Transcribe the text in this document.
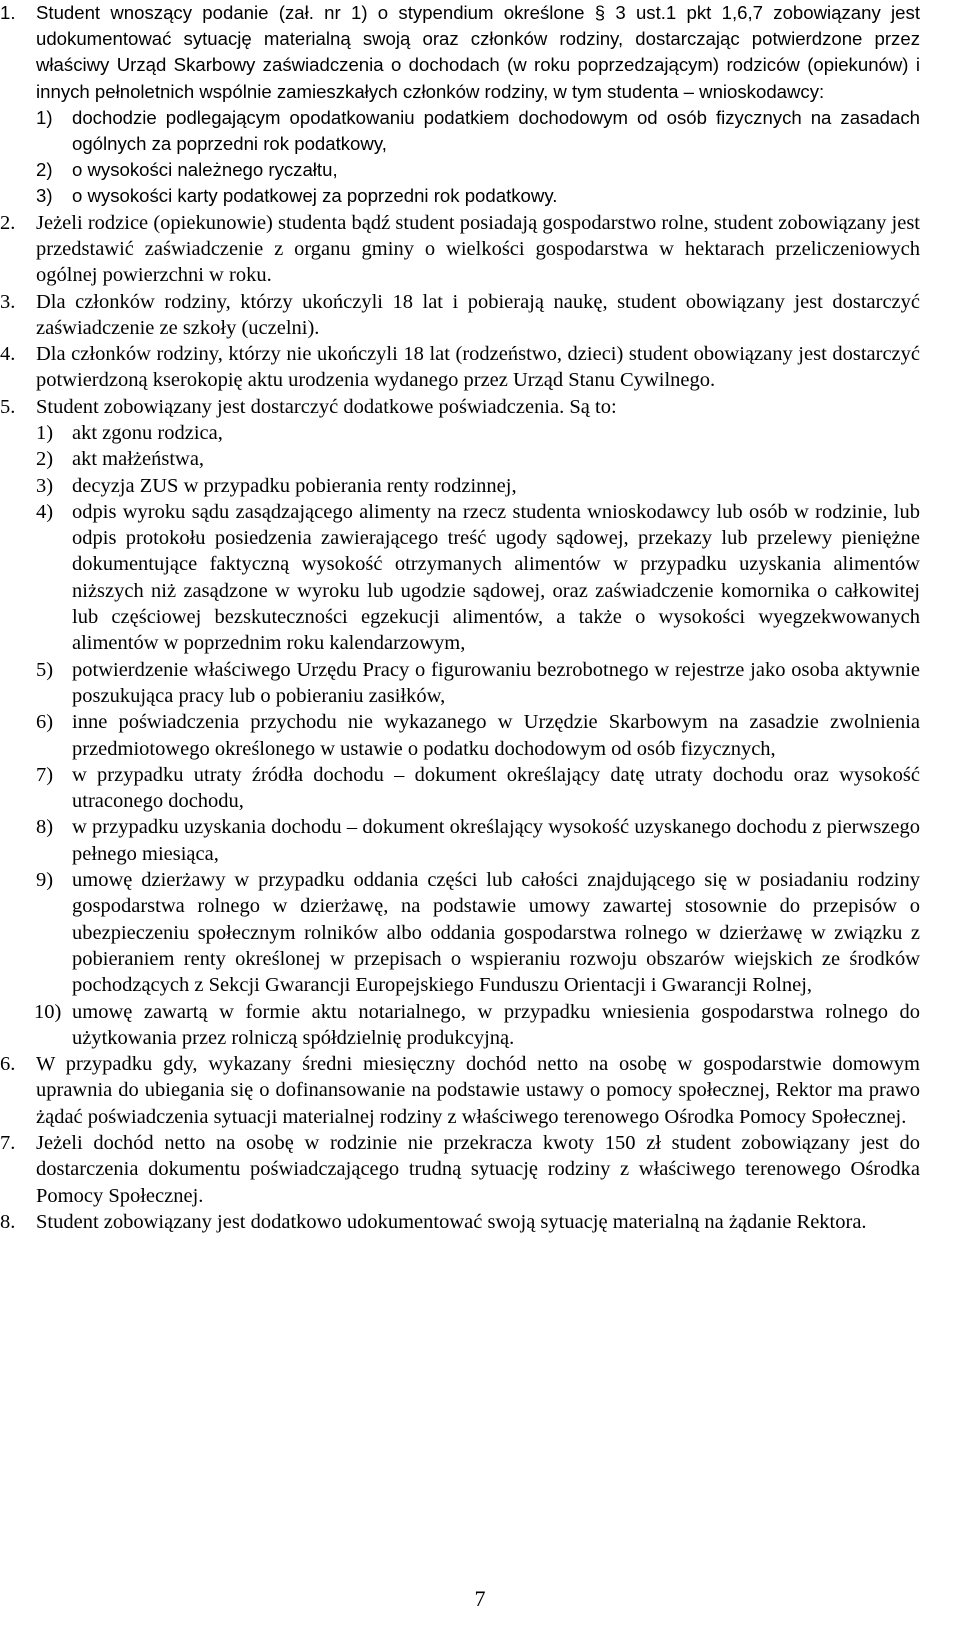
1. Student wnoszący podanie (zał. nr 1) o stypendium określone § 3 ust.1 pkt 1,6,7 zobowiązany jest udokumentować sytuację materialną swoją oraz członków rodziny, dostarczając potwierdzone przez właściwy Urząd Skarbowy zaświadczenia o dochodach (w roku poprzedzającym) rodziców (opiekunów) i innych pełnoletnich wspólnie zamieszkałych członków rodziny, w tym studenta – wnioskodawcy:

1) dochodzie podlegającym opodatkowaniu podatkiem dochodowym od osób fizycznych na zasadach ogólnych za poprzedni rok podatkowy,

2) o wysokości należnego ryczałtu,

3) o wysokości karty podatkowej za poprzedni rok podatkowy.

2. Jeżeli rodzice (opiekunowie) studenta bądź student posiadają gospodarstwo rolne, student zobowiązany jest przedstawić zaświadczenie z organu gminy o wielkości gospodarstwa w hektarach przeliczeniowych ogólnej powierzchni w roku.

3. Dla członków rodziny, którzy ukończyli 18 lat i pobierają naukę, student obowiązany jest dostarczyć zaświadczenie ze szkoły (uczelni).

4. Dla członków rodziny, którzy nie ukończyli 18 lat (rodzeństwo, dzieci) student obowiązany jest dostarczyć potwierdzoną kserokopię aktu urodzenia wydanego przez Urząd Stanu Cywilnego.

5. Student zobowiązany jest dostarczyć dodatkowe poświadczenia. Są to:

1) akt zgonu rodzica,

2) akt małżeństwa,

3) decyzja ZUS w przypadku pobierania renty rodzinnej,

4) odpis wyroku sądu zasądzającego alimenty na rzecz studenta wnioskodawcy lub osób w rodzinie, lub odpis protokołu posiedzenia zawierającego treść ugody sądowej, przekazy lub przelewy pieniężne dokumentujące faktyczną wysokość otrzymanych alimentów w przypadku uzyskania alimentów niższych niż zasądzone w wyroku lub ugodzie sądowej, oraz zaświadczenie komornika o całkowitej lub częściowej bezskuteczności egzekucji alimentów, a także o wysokości wyegzekwowanych alimentów w poprzednim roku kalendarzowym,

5) potwierdzenie właściwego Urzędu Pracy o figurowaniu bezrobotnego w rejestrze jako osoba aktywnie poszukująca pracy lub o pobieraniu zasiłków,

6) inne poświadczenia przychodu nie wykazanego w Urzędzie Skarbowym na zasadzie zwolnienia przedmiotowego określonego w ustawie o podatku dochodowym od osób fizycznych,

7) w przypadku utraty źródła dochodu – dokument określający datę utraty dochodu oraz wysokość utraconego dochodu,

8) w przypadku uzyskania dochodu – dokument określający wysokość uzyskanego dochodu z pierwszego pełnego miesiąca,

9) umowę dzierżawy w przypadku oddania części lub całości znajdującego się w posiadaniu rodziny gospodarstwa rolnego w dzierżawę, na podstawie umowy zawartej stosownie do przepisów o ubezpieczeniu społecznym rolników albo oddania gospodarstwa rolnego w dzierżawę w związku z pobieraniem renty określonej w przepisach o wspieraniu rozwoju obszarów wiejskich ze środków pochodzących z Sekcji Gwarancji Europejskiego Funduszu Orientacji i Gwarancji Rolnej,

10) umowę zawartą w formie aktu notarialnego, w przypadku wniesienia gospodarstwa rolnego do użytkowania przez rolniczą spółdzielnię produkcyjną.

6. W przypadku gdy, wykazany średni miesięczny dochód netto na osobę w gospodarstwie domowym uprawnia do ubiegania się o dofinansowanie na podstawie ustawy o pomocy społecznej, Rektor ma prawo żądać poświadczenia sytuacji materialnej rodziny z właściwego terenowego Ośrodka Pomocy Społecznej.

7. Jeżeli dochód netto na osobę w rodzinie nie przekracza kwoty 150 zł student zobowiązany jest do dostarczenia dokumentu poświadczającego trudną sytuację rodziny z właściwego terenowego Ośrodka Pomocy Społecznej.

8. Student zobowiązany jest dodatkowo udokumentować swoją sytuację materialną na żądanie Rektora.

7
